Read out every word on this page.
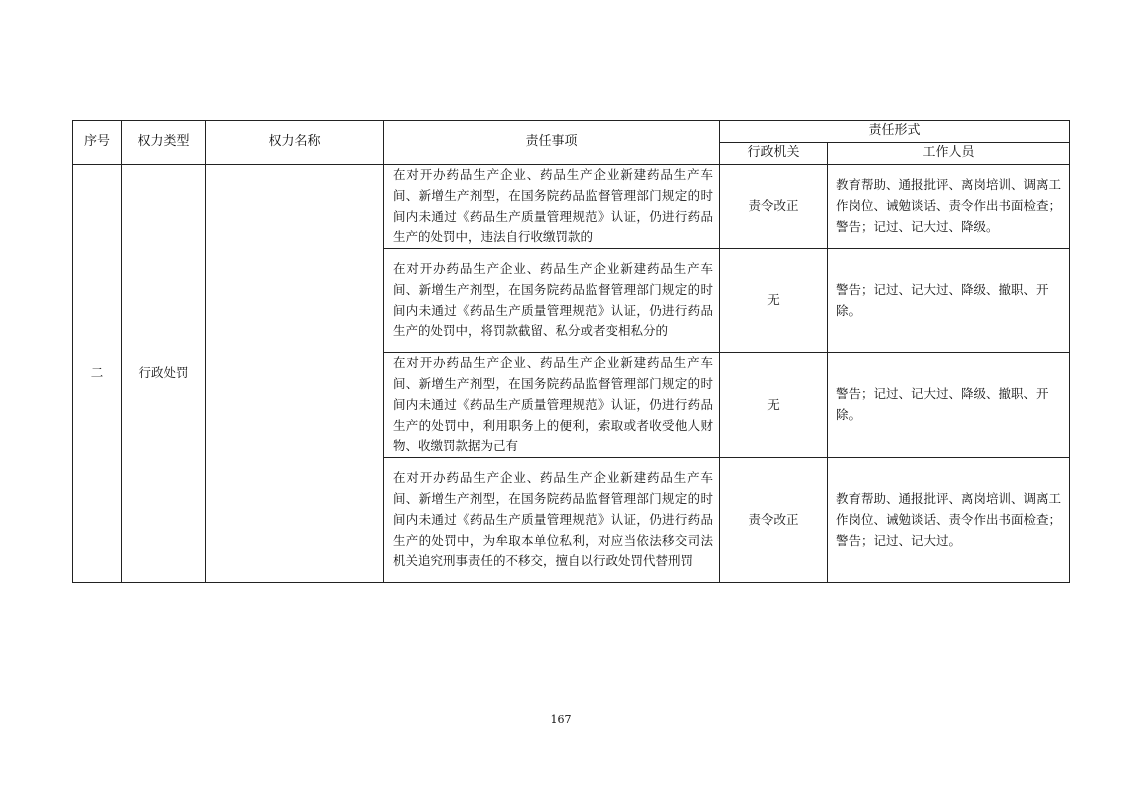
序号	权力类型	权力名称	责任事项	责任形式	
				行政机关	工作人员
二	行政处罚		在对开办药品生产企业、药品生产企业新建药品生产车间、新增生产剂型，在国务院药品监督管理部门规定的时间内未通过《药品生产质量管理规范》认证，仍进行药品生产的处罚中，违法自行收缴罚款的	责令改正	教育帮助、通报批评、离岗培训、调离工作岗位、诫勉谈话、责令作出书面检查；警告；记过、记大过、降级。
			在对开办药品生产企业、药品生产企业新建药品生产车间、新增生产剂型，在国务院药品监督管理部门规定的时间内未通过《药品生产质量管理规范》认证，仍进行药品生产的处罚中，将罚款截留、私分或者变相私分的	无	警告；记过、记大过、降级、撤职、开除。
			在对开办药品生产企业、药品生产企业新建药品生产车间、新增生产剂型，在国务院药品监督管理部门规定的时间内未通过《药品生产质量管理规范》认证，仍进行药品生产的处罚中，利用职务上的便利，索取或者收受他人财物、收缴罚款据为己有	无	警告；记过、记大过、降级、撤职、开除。
			在对开办药品生产企业、药品生产企业新建药品生产车间、新增生产剂型，在国务院药品监督管理部门规定的时间内未通过《药品生产质量管理规范》认证，仍进行药品生产的处罚中，为牟取本单位私利，对应当依法移交司法机关追究刑事责任的不移交，擅自以行政处罚代替刑罚	责令改正	教育帮助、通报批评、离岗培训、调离工作岗位、诫勉谈话、责令作出书面检查；警告；记过、记大过。
167
